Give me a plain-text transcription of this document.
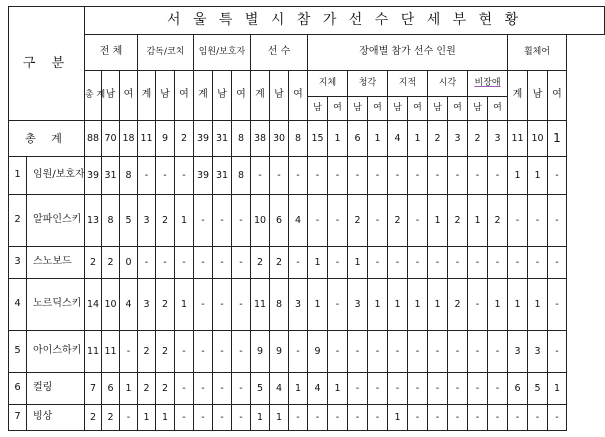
구 분		서 울 특 별 시 참 가 선 수 단 세 부 현 황																								
		전 체			감독/코치			임원/보호자			선 수			장애별 참가 선수 인원										휠체어		

		총 계	남	여	계	남	여	계	남	여	계	남	여	지체		청각		지적		시각		비장애		계	남	여
														남	여	남	여	남	여	남	여	남	여			
총 계		88	70	18	11	9	2	39	31	8	38	30	8	15	1	6	1	4	1	2	3	2	3	11	10	1
1	임원/보호자	39	31	8	-	-	-	39	31	8	-	-	-	-	-	-	-	-	-	-	-	-	-	1	1	-
2	알파인스키	13	8	5	3	2	1	-	-	-	10	6	4	-	-	2	-	2	-	1	2	1	2	-	-	-
3	스노보드	2	2	0	-	-	-	-	-	-	2	2	-	1	-	1	-	-	-	-	-	-	-	-	-	-
4	노르딕스키	14	10	4	3	2	1	-	-	-	11	8	3	1	-	3	1	1	1	1	2	-	1	1	1	-
5	아이스하키	11	11	-	2	2	-	-	-	-	9	9	-	9	-	-	-	-	-	-	-	-	-	3	3	-
6	컬링	7	6	1	2	2	-	-	-	-	5	4	1	4	1	-	-	-	-	-	-	-	-	6	5	1
7	빙상	2	2	-	1	1	-	-	-	-	1	1	-	-	-	-	-	1	-	-	-	-	-	-	-	-
